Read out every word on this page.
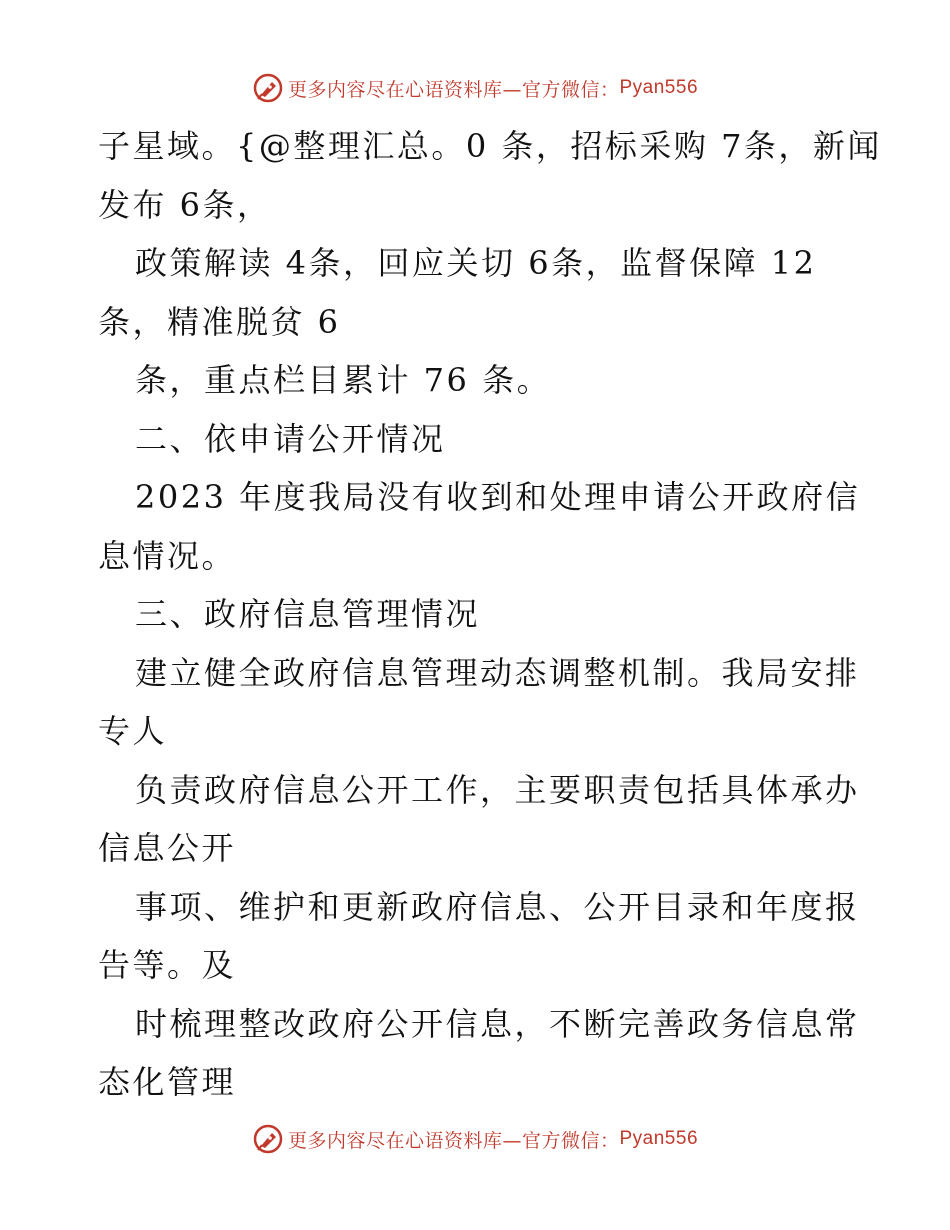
更多内容尽在心语资料库—官方微信： Pyan556
子星域。{@整理汇总。0 条，招标采购 7条，新闻
发布 6条，
政策解读 4条，回应关切 6条，监督保障 12
条，精准脱贫 6
条，重点栏目累计 76 条。
二、依申请公开情况
2023 年度我局没有收到和处理申请公开政府信
息情况。
三、政府信息管理情况
建立健全政府信息管理动态调整机制。我局安排
专人
负责政府信息公开工作，主要职责包括具体承办
信息公开
事项、维护和更新政府信息、公开目录和年度报
告等。及
时梳理整改政府公开信息，不断完善政务信息常
态化管理
更多内容尽在心语资料库—官方微信： Pyan556
